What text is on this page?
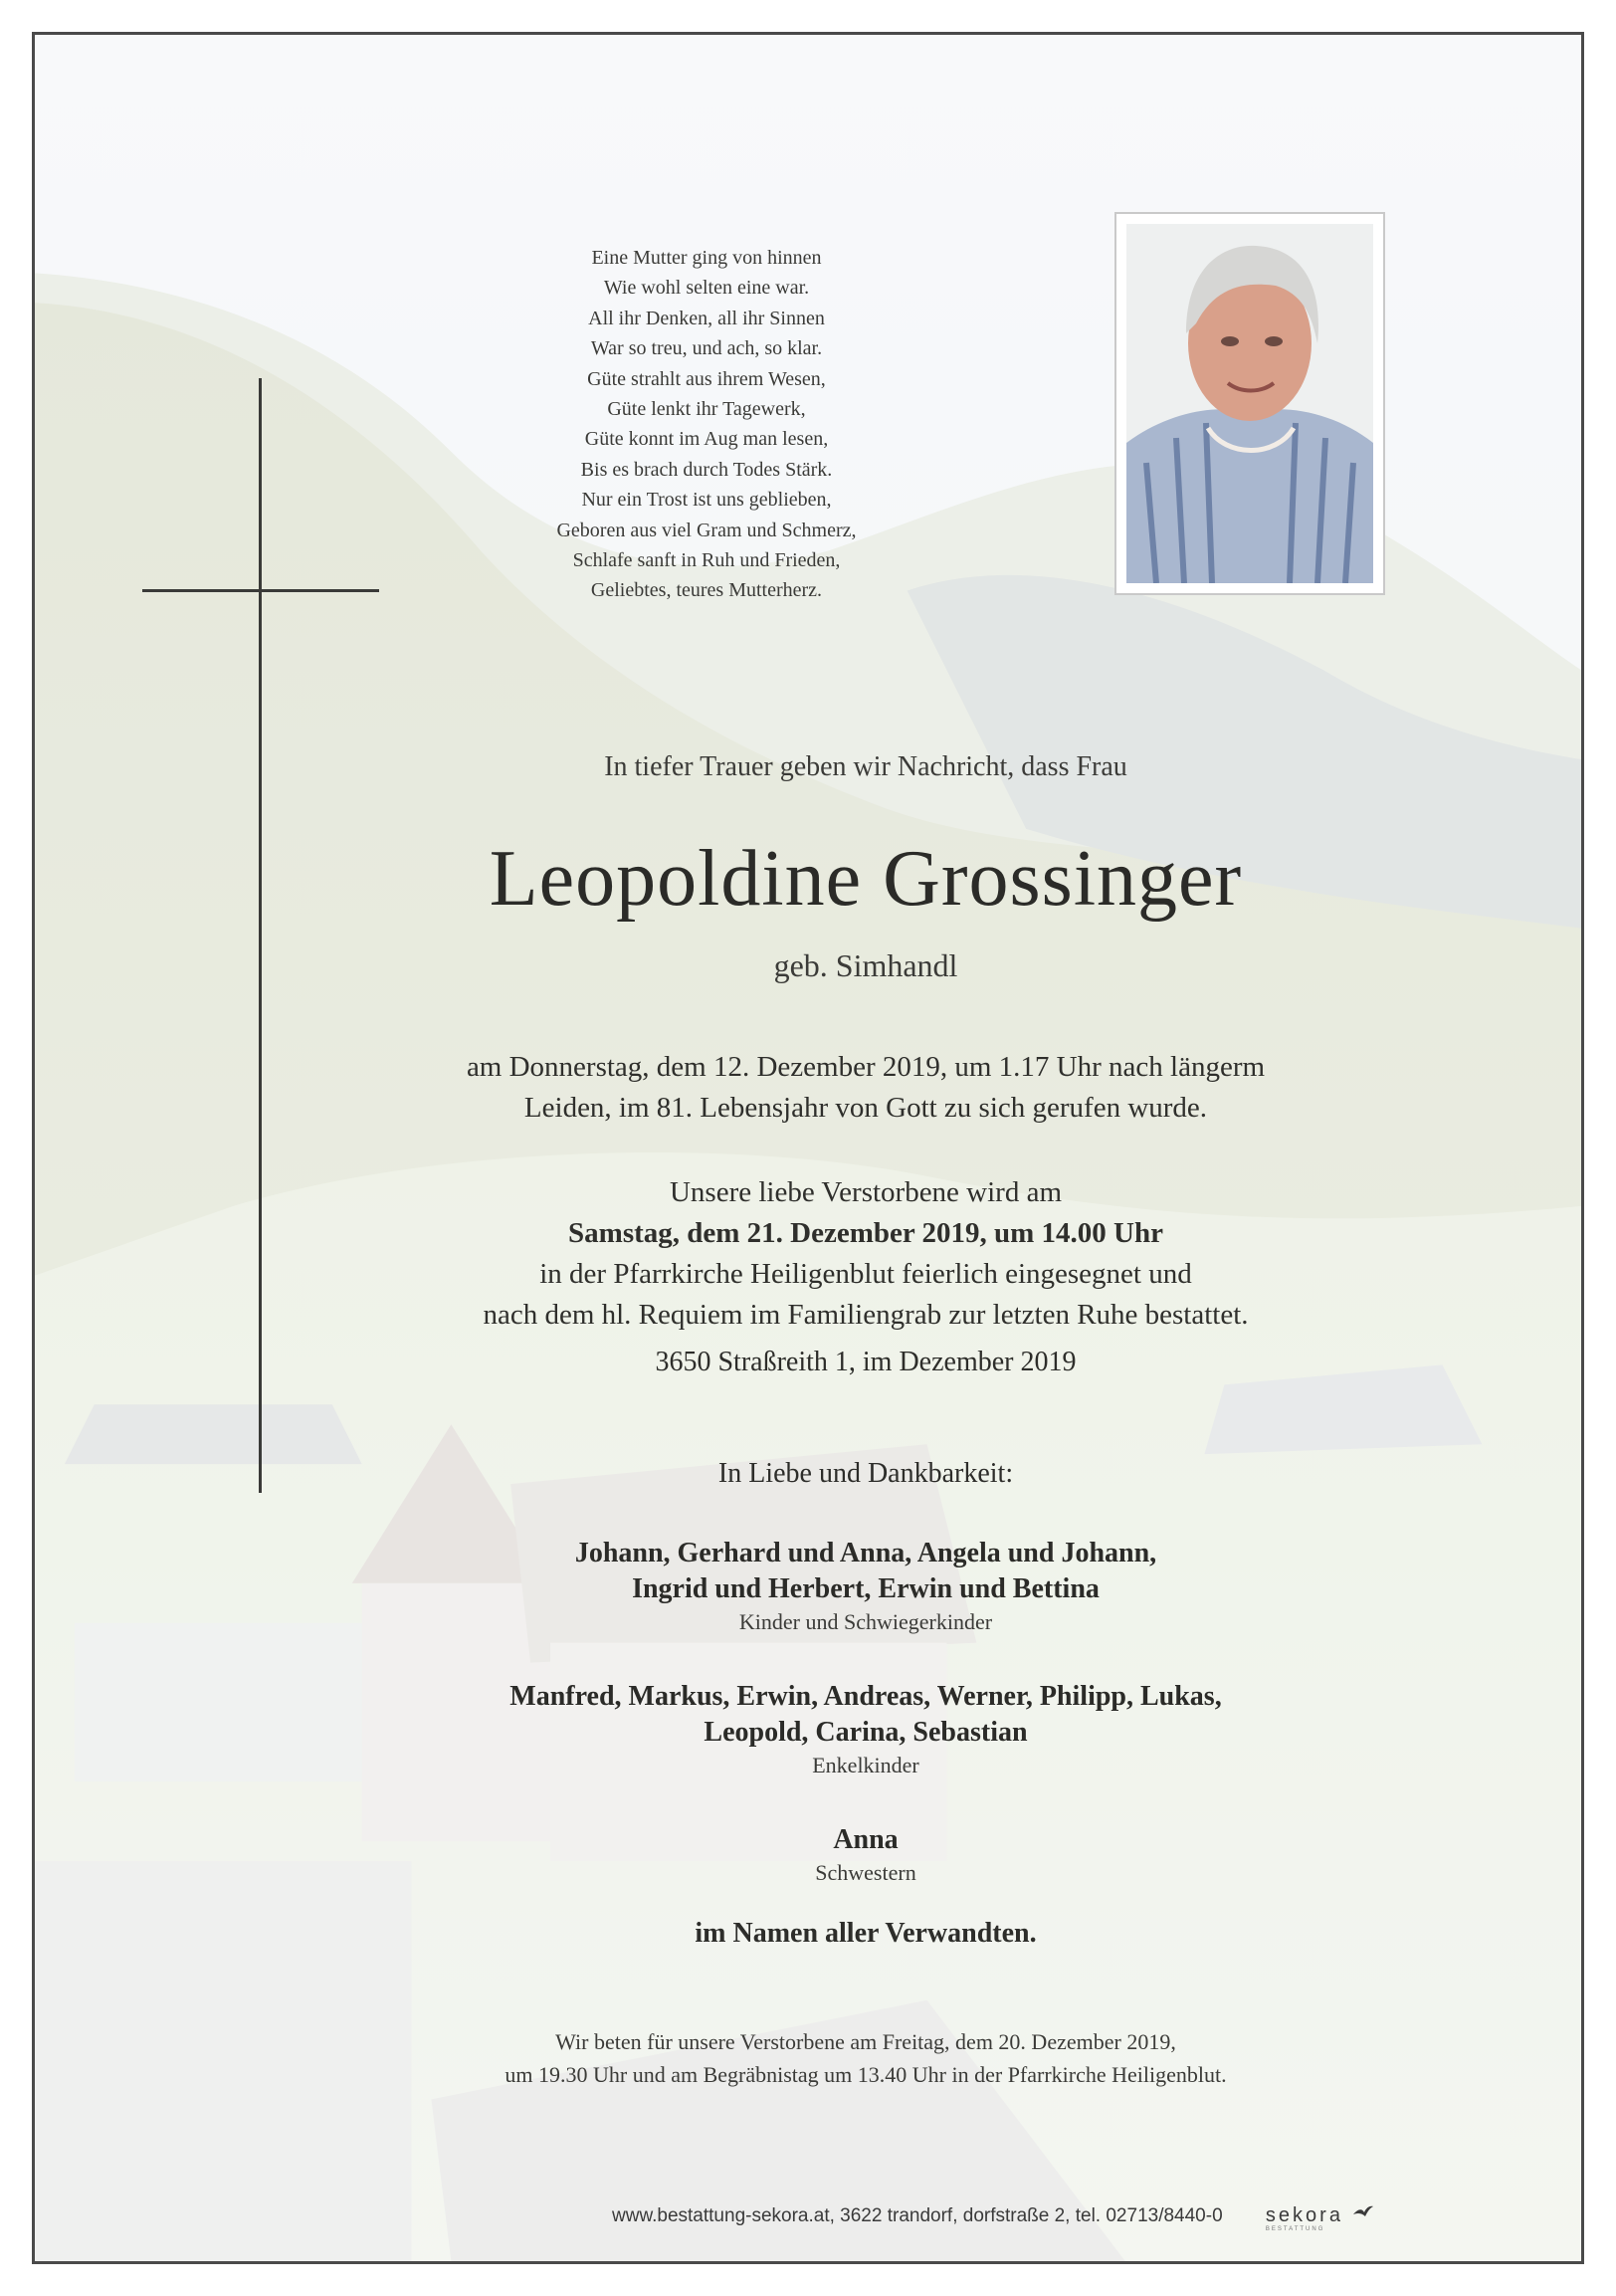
Eine Mutter ging von hinnen
Wie wohl selten eine war.
All ihr Denken, all ihr Sinnen
War so treu, und ach, so klar.
Güte strahlt aus ihrem Wesen,
Güte lenkt ihr Tagewerk,
Güte konnt im Aug man lesen,
Bis es brach durch Todes Stärk.
Nur ein Trost ist uns geblieben,
Geboren aus viel Gram und Schmerz,
Schlafe sanft in Ruh und Frieden,
Geliebtes, teures Mutterherz.
In tiefer Trauer geben wir Nachricht, dass Frau
Leopoldine Grossinger
geb. Simhandl
am Donnerstag, dem 12. Dezember 2019, um 1.17 Uhr nach längerm
Leiden, im 81. Lebensjahr von Gott zu sich gerufen wurde.
Unsere liebe Verstorbene wird am
Samstag, dem 21. Dezember 2019, um 14.00 Uhr
in der Pfarrkirche Heiligenblut feierlich eingesegnet und
nach dem hl. Requiem im Familiengrab zur letzten Ruhe bestattet.
3650 Straßreith 1, im Dezember 2019
In Liebe und Dankbarkeit:
Johann, Gerhard und Anna, Angela und Johann,
Ingrid und Herbert, Erwin und Bettina
Kinder und Schwiegerkinder
Manfred, Markus, Erwin, Andreas, Werner, Philipp, Lukas,
Leopold, Carina, Sebastian
Enkelkinder
Anna
Schwestern
im Namen aller Verwandten.
Wir beten für unsere Verstorbene am Freitag, dem 20. Dezember 2019,
um 19.30 Uhr und am Begräbnistag um 13.40 Uhr in der Pfarrkirche Heiligenblut.
www.bestattung-sekora.at, 3622 trandorf, dorfstraße 2, tel. 02713/8440-0 sekora
BESTATTUNG
